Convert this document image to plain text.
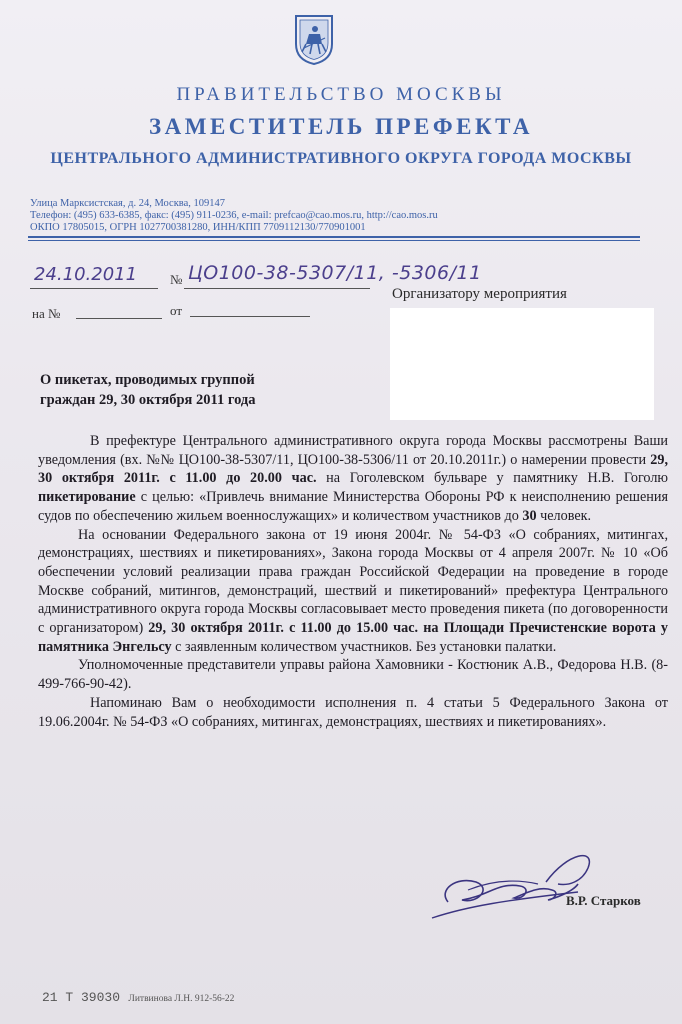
ПРАВИТЕЛЬСТВО МОСКВЫ
ЗАМЕСТИТЕЛЬ ПРЕФЕКТА
ЦЕНТРАЛЬНОГО АДМИНИСТРАТИВНОГО ОКРУГА ГОРОДА МОСКВЫ
Улица Марксистская, д. 24, Москва, 109147
Телефон: (495) 633-6385, факс: (495) 911-0236, e-mail: prefcao@cao.mos.ru, http://cao.mos.ru
ОКПО 17805015, ОГРН 1027700381280, ИНН/КПП 7709112130/770901001
24.10.2011	№ ЦО100-38-5307/11, -5306/11
на №	от
Организатору мероприятия
О пикетах, проводимых группой
граждан 29, 30 октября 2011 года

В префектуре Центрального административного округа города Москвы рассмотрены Ваши уведомления (вх. №№ ЦО100-38-5307/11, ЦО100-38-5306/11 от 20.10.2011г.) о намерении провести 29, 30 октября 2011г. с 11.00 до 20.00 час. на Гоголевском бульваре у памятнику Н.В. Гоголю пикетирование с целью: «Привлечь внимание Министерства Обороны РФ к неисполнению решения судов по обеспечению жильем военнослужащих» и количеством участников до 30 человек.

На основании Федерального закона от 19 июня 2004г. № 54-ФЗ «О собраниях, митингах, демонстрациях, шествиях и пикетированиях», Закона города Москвы от 4 апреля 2007г. № 10 «Об обеспечении условий реализации права граждан Российской Федерации на проведение в городе Москве собраний, митингов, демонстраций, шествий и пикетирований» префектура Центрального административного округа города Москвы согласовывает место проведения пикета (по договоренности с организатором) 29, 30 октября 2011г. с 11.00 до 15.00 час. на Площади Пречистенские ворота у памятника Энгельсу с заявленным количеством участников. Без установки палатки.

Уполномоченные представители управы района Хамовники - Костюник А.В., Федорова Н.В. (8-499-766-90-42).

Напоминаю Вам о необходимости исполнения п. 4 статьи 5 Федерального Закона от 19.06.2004г. № 54-ФЗ «О собраниях, митингах, демонстрациях, шествиях и пикетированиях».

В.Р. Старков
21 Т 39030 Литвинова Л.Н. 912-56-22
